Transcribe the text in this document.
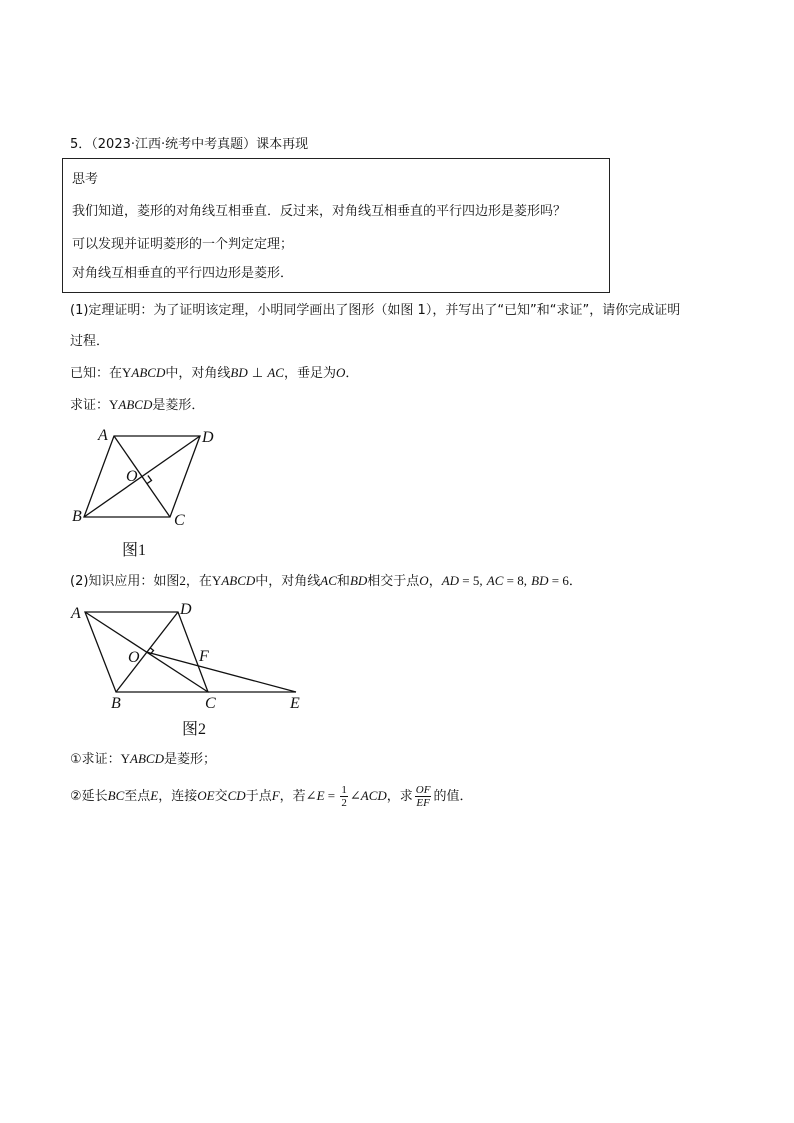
5．（2023·江西·统考中考真题）课本再现
思考
我们知道，菱形的对角线互相垂直．反过来，对角线互相垂直的平行四边形是菱形吗？
可以发现并证明菱形的一个判定定理；
对角线互相垂直的平行四边形是菱形．
(1)定理证明：为了证明该定理，小明同学画出了图形（如图 1），并写出了“已知”和“求证”，请你完成证明
过程．
已知：在YABCD中，对角线BD ⊥ AC，垂足为O．
求证：YABCD是菱形．
A	D
O
B	C
图1
(2)知识应用：如图2，在YABCD中，对角线AC和BD相交于点O，AD = 5, AC = 8, BD = 6．
A	D
O	F
B	C	E
图2
①求证：YABCD是菱形；
②延长BC至点E，连接OE交CD于点F，若∠E = $\frac{1}{2}$ ∠ACD，求 $\frac{OF}{EF}$ 的值．
